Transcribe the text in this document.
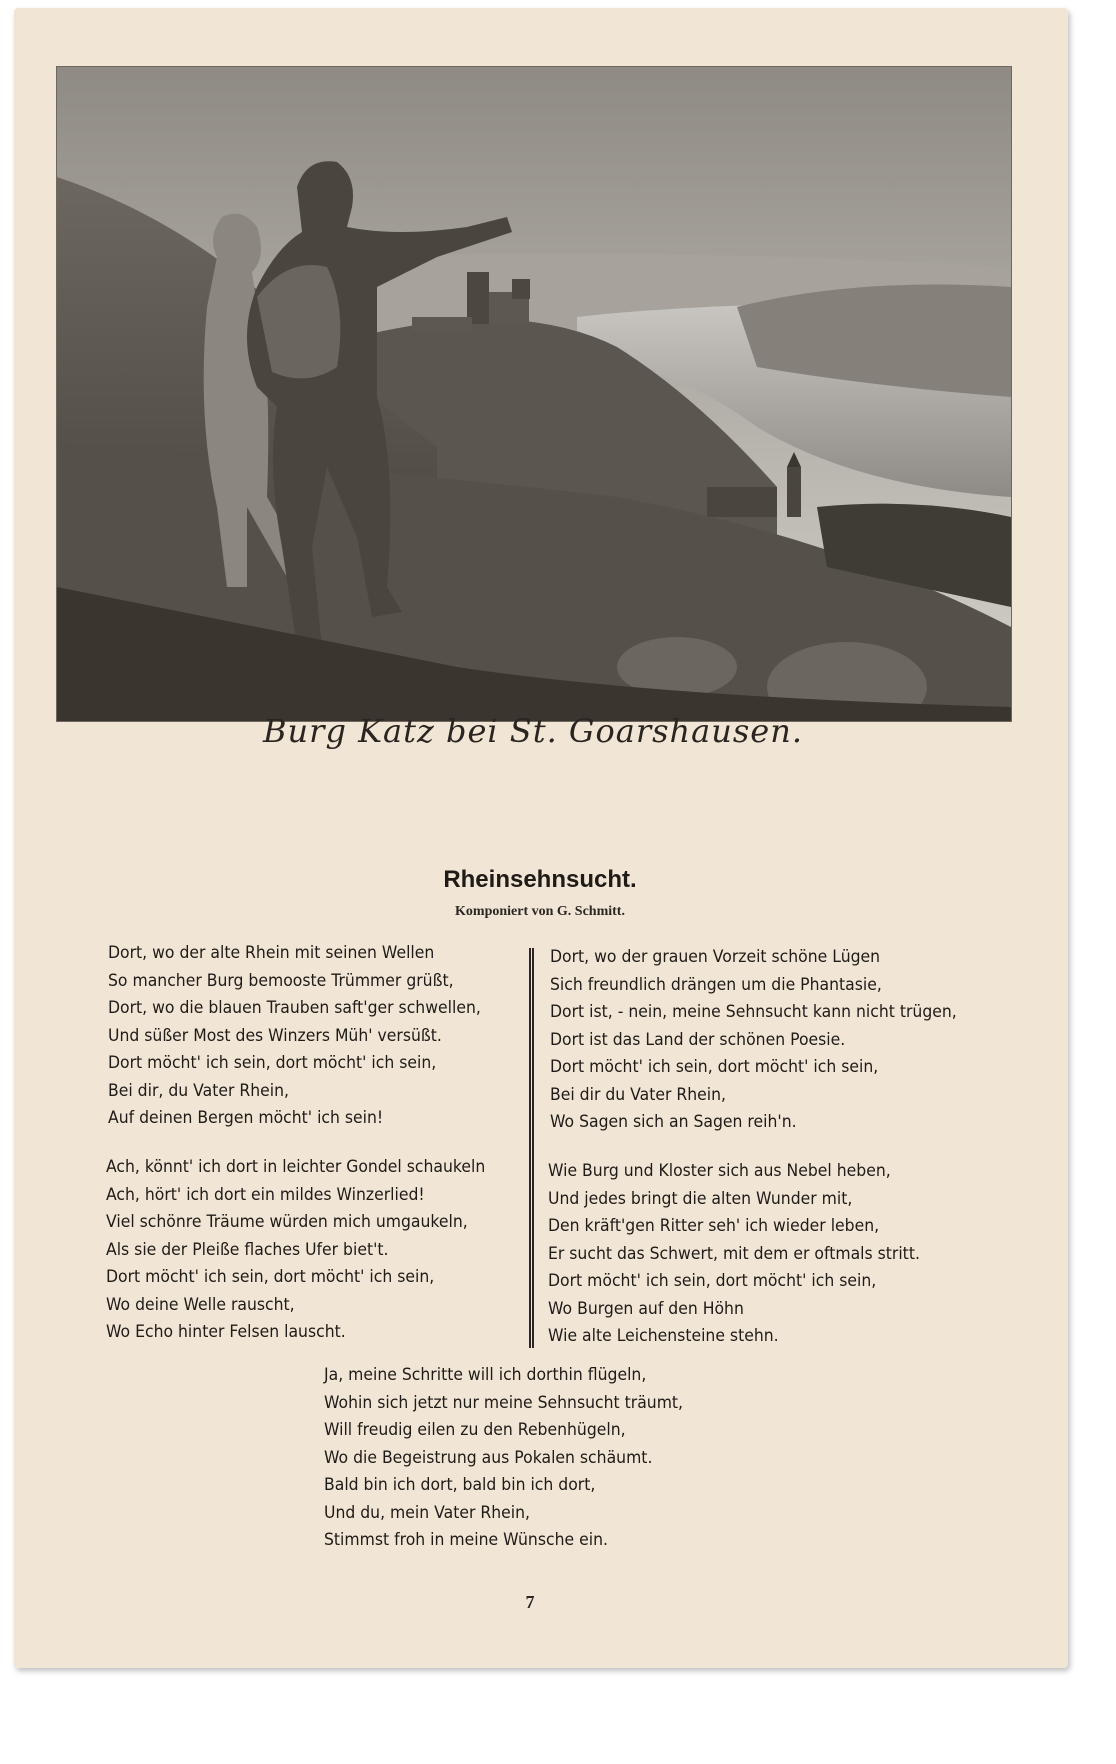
Burg Katz bei St. Goarshausen.
Rheinsehnsucht.
Komponiert von G. Schmitt.
Dort, wo der alte Rhein mit seinen Wellen
So mancher Burg bemooste Trümmer grüßt,
Dort, wo die blauen Trauben saft'ger schwellen,
Und süßer Most des Winzers Müh' versüßt.
Dort möcht' ich sein, dort möcht' ich sein,
Bei dir, du Vater Rhein,
Auf deinen Bergen möcht' ich sein!
Ach, könnt' ich dort in leichter Gondel schaukeln
Ach, hört' ich dort ein mildes Winzerlied!
Viel schönre Träume würden mich umgaukeln,
Als sie der Pleiße flaches Ufer biet't.
Dort möcht' ich sein, dort möcht' ich sein,
Wo deine Welle rauscht,
Wo Echo hinter Felsen lauscht.
Dort, wo der grauen Vorzeit schöne Lügen
Sich freundlich drängen um die Phantasie,
Dort ist, - nein, meine Sehnsucht kann nicht trügen,
Dort ist das Land der schönen Poesie.
Dort möcht' ich sein, dort möcht' ich sein,
Bei dir du Vater Rhein,
Wo Sagen sich an Sagen reih'n.
Wie Burg und Kloster sich aus Nebel heben,
Und jedes bringt die alten Wunder mit,
Den kräft'gen Ritter seh' ich wieder leben,
Er sucht das Schwert, mit dem er oftmals stritt.
Dort möcht' ich sein, dort möcht' ich sein,
Wo Burgen auf den Höhn
Wie alte Leichensteine stehn.
Ja, meine Schritte will ich dorthin flügeln,
Wohin sich jetzt nur meine Sehnsucht träumt,
Will freudig eilen zu den Rebenhügeln,
Wo die Begeistrung aus Pokalen schäumt.
Bald bin ich dort, bald bin ich dort,
Und du, mein Vater Rhein,
Stimmst froh in meine Wünsche ein.
7
